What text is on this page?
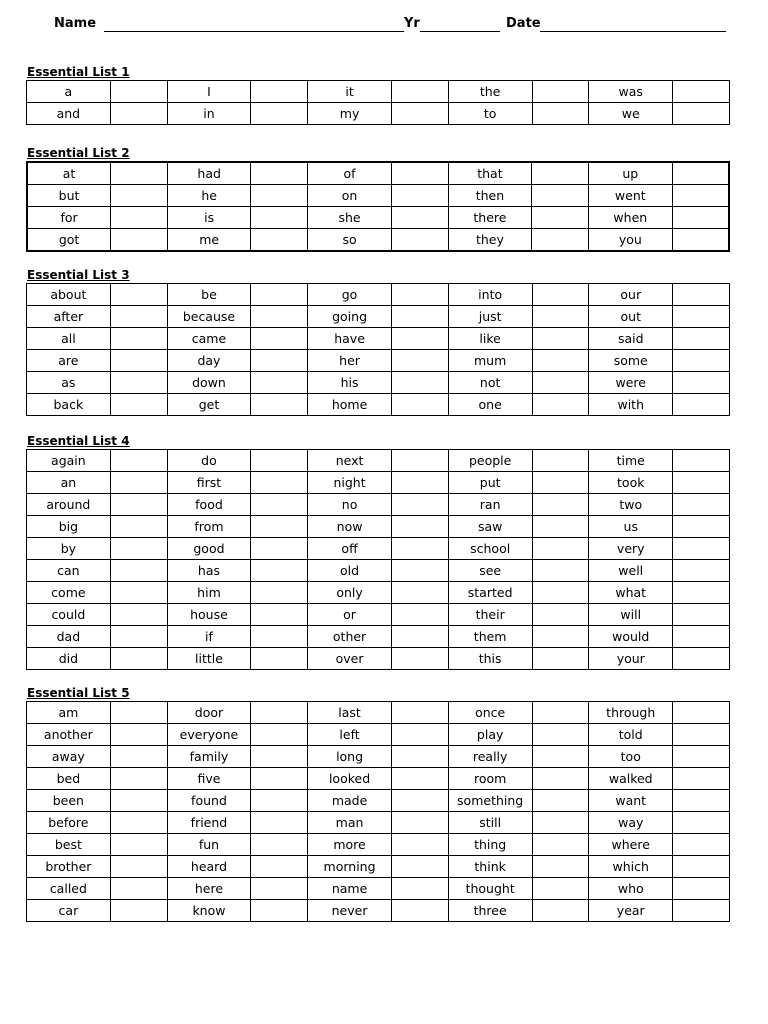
Name	Yr	Date
Essential List 1
a		I		it		the		was	
and		in		my		to		we	
Essential List 2
at		had		of		that		up	
but		he		on		then		went	
for		is		she		there		when	
got		me		so		they		you	
Essential List 3
about		be		go		into		our	
after		because		going		just		out	
all		came		have		like		said	
are		day		her		mum		some	
as		down		his		not		were	
back		get		home		one		with	
Essential List 4
again		do		next		people		time	
an		first		night		put		took	
around		food		no		ran		two	
big		from		now		saw		us	
by		good		off		school		very	
can		has		old		see		well	
come		him		only		started		what	
could		house		or		their		will	
dad		if		other		them		would	
did		little		over		this		your	
Essential List 5
am		door		last		once		through	
another		everyone		left		play		told	
away		family		long		really		too	
bed		five		looked		room		walked	
been		found		made		something		want	
before		friend		man		still		way	
best		fun		more		thing		where	
brother		heard		morning		think		which	
called		here		name		thought		who	
car		know		never		three		year	
